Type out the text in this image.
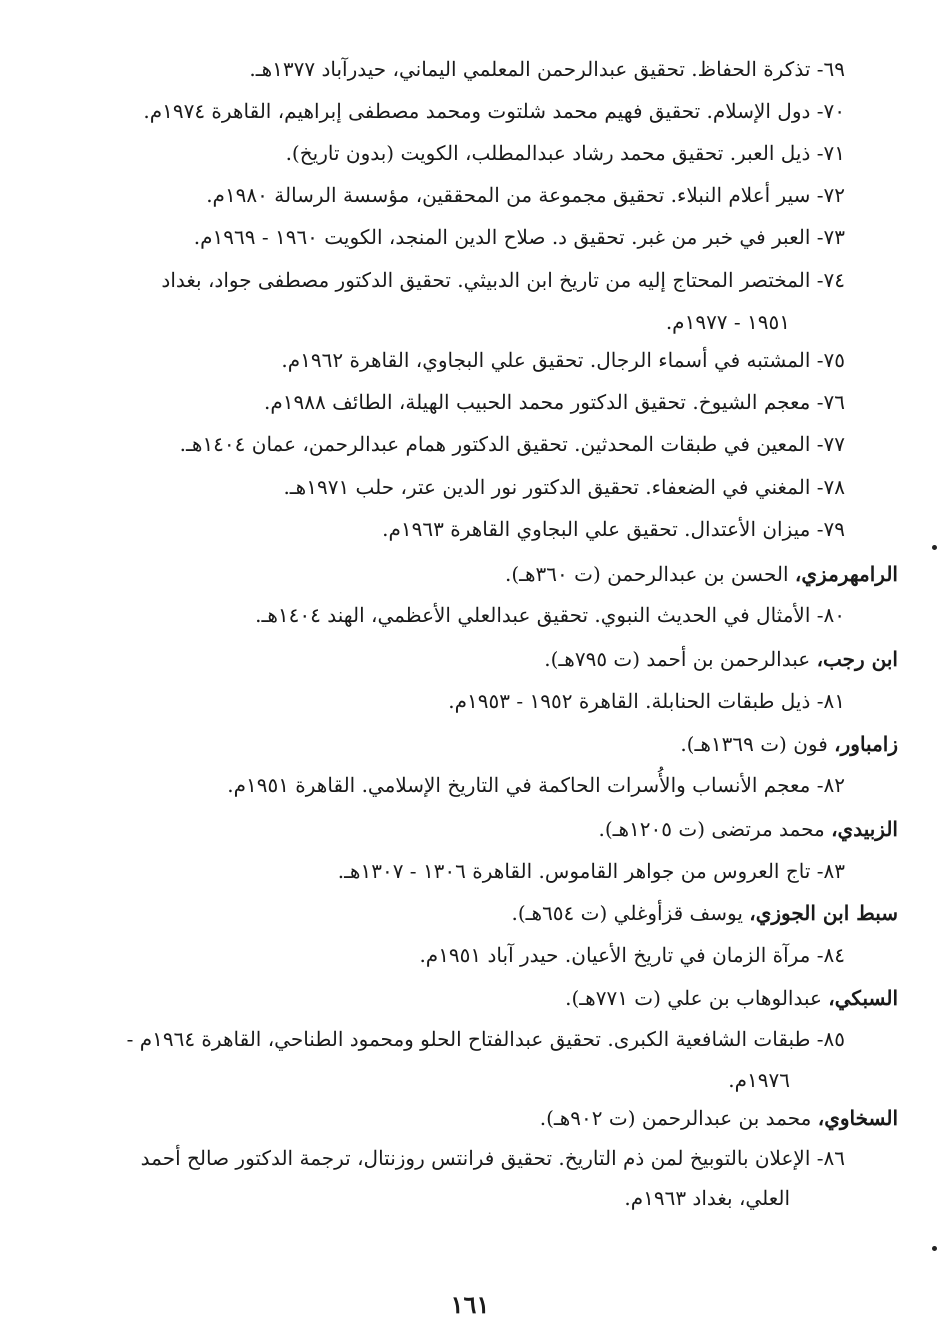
٦٩- تذكرة الحفاظ. تحقيق عبدالرحمن المعلمي اليماني، حيدرآباد ١٣٧٧هـ.
٧٠- دول الإسلام. تحقيق فهيم محمد شلتوت ومحمد مصطفى إبراهيم، القاهرة ١٩٧٤م.
٧١- ذيل العبر. تحقيق محمد رشاد عبدالمطلب، الكويت (بدون تاريخ).
٧٢- سير أعلام النبلاء. تحقيق مجموعة من المحققين، مؤسسة الرسالة ١٩٨٠م.
٧٣- العبر في خبر من غبر. تحقيق د. صلاح الدين المنجد، الكويت ١٩٦٠ - ١٩٦٩م.
٧٤- المختصر المحتاج إليه من تاريخ ابن الدبيثي. تحقيق الدكتور مصطفى جواد، بغداد
١٩٥١ - ١٩٧٧م.
٧٥- المشتبه في أسماء الرجال. تحقيق علي البجاوي، القاهرة ١٩٦٢م.
٧٦- معجم الشيوخ. تحقيق الدكتور محمد الحبيب الهيلة، الطائف ١٩٨٨م.
٧٧- المعين في طبقات المحدثين. تحقيق الدكتور همام عبدالرحمن، عمان ١٤٠٤هـ.
٧٨- المغني في الضعفاء. تحقيق الدكتور نور الدين عتر، حلب ١٩٧١هـ.
٧٩- ميزان الأعتدال. تحقيق علي البجاوي القاهرة ١٩٦٣م.
الرامهرمزي، الحسن بن عبدالرحمن (ت ٣٦٠هـ).
٨٠- الأمثال في الحديث النبوي. تحقيق عبدالعلي الأعظمي، الهند ١٤٠٤هـ.
ابن رجب، عبدالرحمن بن أحمد (ت ٧٩٥هـ).
٨١- ذيل طبقات الحنابلة. القاهرة ١٩٥٢ - ١٩٥٣م.
زامباور، فون (ت ١٣٦٩هـ).
٨٢- معجم الأنساب والأُسرات الحاكمة في التاريخ الإسلامي. القاهرة ١٩٥١م.
الزبيدي، محمد مرتضى (ت ١٢٠٥هـ).
٨٣- تاج العروس من جواهر القاموس. القاهرة ١٣٠٦ - ١٣٠٧هـ.
سبط ابن الجوزي، يوسف قزأوغلي (ت ٦٥٤هـ).
٨٤- مرآة الزمان في تاريخ الأعيان. حيدر آباد ١٩٥١م.
السبكي، عبدالوهاب بن علي (ت ٧٧١هـ).
٨٥- طبقات الشافعية الكبرى. تحقيق عبدالفتاح الحلو ومحمود الطناحي، القاهرة ١٩٦٤م -
١٩٧٦م.
السخاوي، محمد بن عبدالرحمن (ت ٩٠٢هـ).
٨٦- الإعلان بالتوبيخ لمن ذم التاريخ. تحقيق فرانتس روزنتال، ترجمة الدكتور صالح أحمد
العلي، بغداد ١٩٦٣م.
١٦١
